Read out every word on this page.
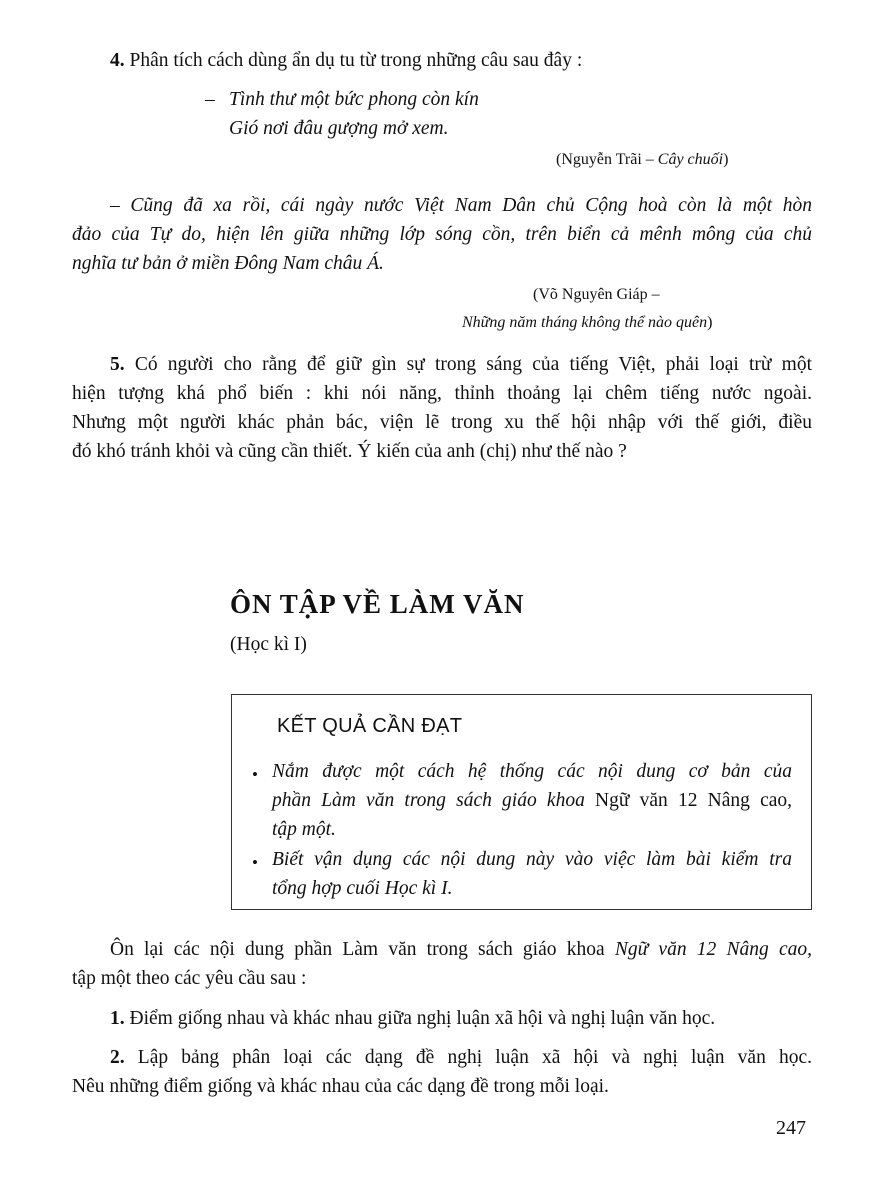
4. Phân tích cách dùng ẩn dụ tu từ trong những câu sau đây :
– Tình thư một bức phong còn kín
Gió nơi đâu gượng mở xem.
(Nguyễn Trãi – Cây chuối)
– Cũng đã xa rồi, cái ngày nước Việt Nam Dân chủ Cộng hoà còn là một hòn
đảo của Tự do, hiện lên giữa những lớp sóng cồn, trên biển cả mênh mông của chủ
nghĩa tư bản ở miền Đông Nam châu Á.
(Võ Nguyên Giáp –
Những năm tháng không thể nào quên)
5. Có người cho rằng để giữ gìn sự trong sáng của tiếng Việt, phải loại trừ một
hiện tượng khá phổ biến : khi nói năng, thỉnh thoảng lại chêm tiếng nước ngoài.
Nhưng một người khác phản bác, viện lẽ trong xu thế hội nhập với thế giới, điều
đó khó tránh khỏi và cũng cần thiết. Ý kiến của anh (chị) như thế nào ?
ÔN TẬP VỀ LÀM VĂN
(Học kì I)
KẾT QUẢ CẦN ĐẠT
• Nắm được một cách hệ thống các nội dung cơ bản của
phần Làm văn trong sách giáo khoa Ngữ văn 12 Nâng cao,
tập một.
• Biết vận dụng các nội dung này vào việc làm bài kiểm tra
tổng hợp cuối Học kì I.
Ôn lại các nội dung phần Làm văn trong sách giáo khoa Ngữ văn 12 Nâng cao,
tập một theo các yêu cầu sau :
1. Điểm giống nhau và khác nhau giữa nghị luận xã hội và nghị luận văn học.
2. Lập bảng phân loại các dạng đề nghị luận xã hội và nghị luận văn học.
Nêu những điểm giống và khác nhau của các dạng đề trong mỗi loại.
247
